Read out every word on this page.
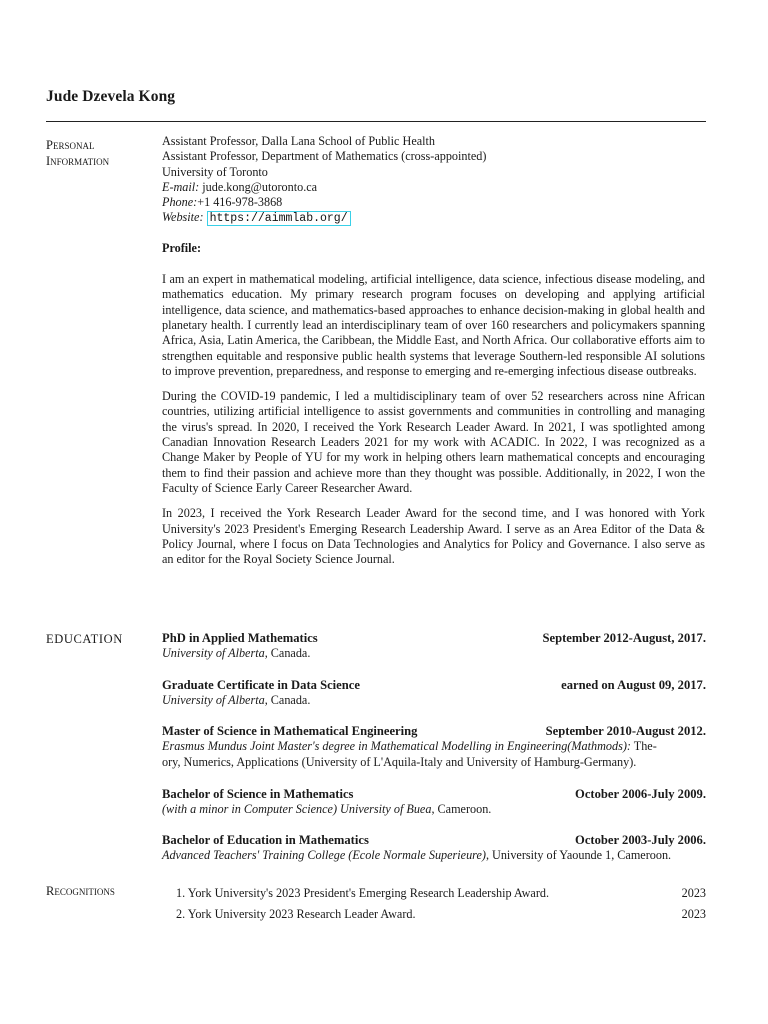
Jude Dzevela Kong
Personal
Information
Assistant Professor, Dalla Lana School of Public Health
Assistant Professor, Department of Mathematics (cross-appointed)
University of Toronto
E-mail: jude.kong@utoronto.ca
Phone:+1 416-978-3868
Website: https://aimmlab.org/
Profile:

I am an expert in mathematical modeling, artificial intelligence, data science, infectious disease modeling, and mathematics education. My primary research program focuses on developing and applying artificial intelligence, data science, and mathematics-based approaches to enhance decision-making in global health and planetary health. I currently lead an interdisciplinary team of over 160 researchers and policymakers spanning Africa, Asia, Latin America, the Caribbean, the Middle East, and North Africa. Our collaborative efforts aim to strengthen equitable and responsive public health systems that leverage Southern-led responsible AI solutions to improve prevention, preparedness, and response to emerging and re-emerging infectious disease outbreaks.

During the COVID-19 pandemic, I led a multidisciplinary team of over 52 researchers across nine African countries, utilizing artificial intelligence to assist governments and communities in controlling and managing the virus's spread. In 2020, I received the York Research Leader Award. In 2021, I was spotlighted among Canadian Innovation Research Leaders 2021 for my work with ACADIC. In 2022, I was recognized as a Change Maker by People of YU for my work in helping others learn mathematical concepts and encouraging them to find their passion and achieve more than they thought was possible. Additionally, in 2022, I won the Faculty of Science Early Career Researcher Award.

In 2023, I received the York Research Leader Award for the second time, and I was honored with York University's 2023 President's Emerging Research Leadership Award. I serve as an Area Editor of the Data & Policy Journal, where I focus on Data Technologies and Analytics for Policy and Governance. I also serve as an editor for the Royal Society Science Journal.

EDUCATION	PhD in Applied Mathematics	September 2012-August, 2017.
University of Alberta, Canada.
Graduate Certificate in Data Science	earned on August 09, 2017.
University of Alberta, Canada.
Master of Science in Mathematical Engineering	September 2010-August 2012.
Erasmus Mundus Joint Master's degree in Mathematical Modelling in Engineering(Mathmods): The-
ory, Numerics, Applications (University of L'Aquila-Italy and University of Hamburg-Germany).
Bachelor of Science in Mathematics	October 2006-July 2009.
(with a minor in Computer Science) University of Buea, Cameroon.
Bachelor of Education in Mathematics	October 2003-July 2006.
Advanced Teachers' Training College (Ecole Normale Superieure), University of Yaounde 1, Cameroon.
Recognitions	1. York University's 2023 President's Emerging Research Leadership Award.	2023
2. York University 2023 Research Leader Award.	2023
